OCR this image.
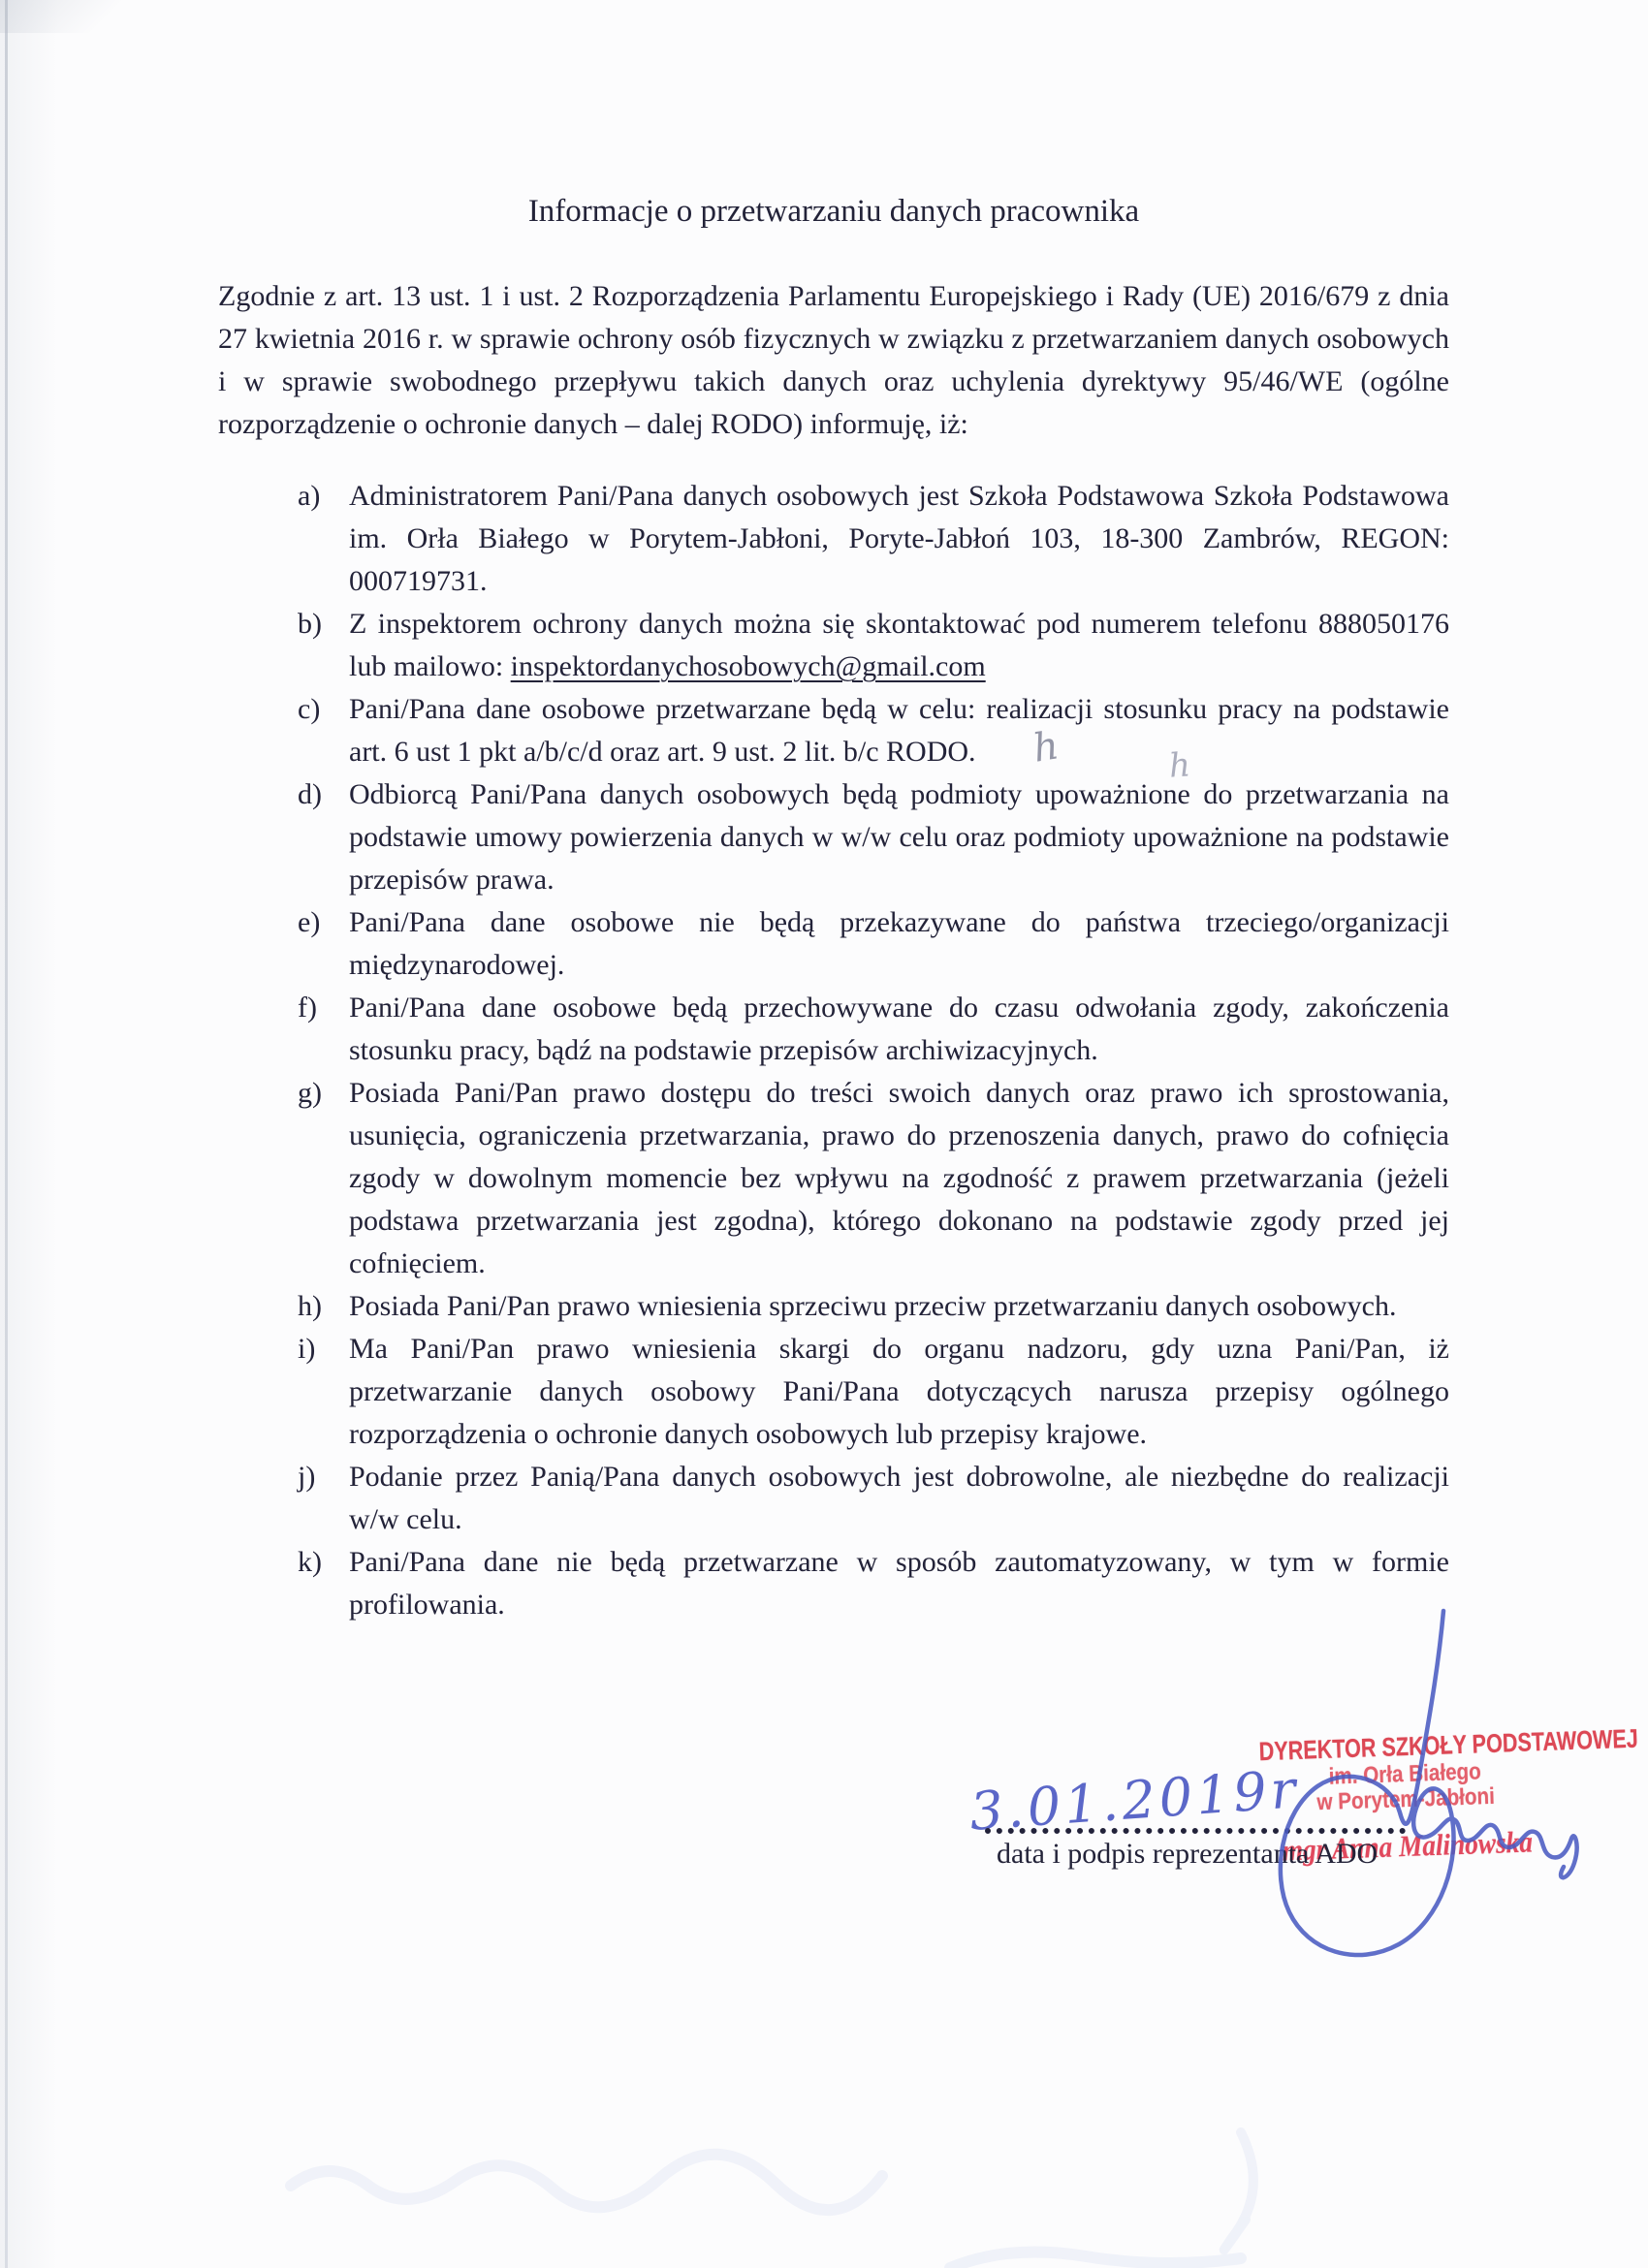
Informacje o przetwarzaniu danych pracownika

Zgodnie z art. 13 ust. 1 i ust. 2 Rozporządzenia Parlamentu Europejskiego i Rady (UE) 2016/679 z dnia 27 kwietnia 2016 r. w sprawie ochrony osób fizycznych w związku z przetwarzaniem danych osobowych i w sprawie swobodnego przepływu takich danych oraz uchylenia dyrektywy 95/46/WE (ogólne rozporządzenie o ochronie danych – dalej RODO) informuję, iż:

a) Administratorem Pani/Pana danych osobowych jest Szkoła Podstawowa Szkoła Podstawowa im. Orła Białego w Porytem-Jabłoni, Poryte-Jabłoń 103, 18-300 Zambrów, REGON: 000719731.
b) Z inspektorem ochrony danych można się skontaktować pod numerem telefonu 888050176 lub mailowo: inspektordanychosobowych@gmail.com
c) Pani/Pana dane osobowe przetwarzane będą w celu: realizacji stosunku pracy na podstawie art. 6 ust 1 pkt a/b/c/d oraz art. 9 ust. 2 lit. b/c RODO.
d) Odbiorcą Pani/Pana danych osobowych będą podmioty upoważnione do przetwarzania na podstawie umowy powierzenia danych w w/w celu oraz podmioty upoważnione na podstawie przepisów prawa.
e) Pani/Pana dane osobowe nie będą przekazywane do państwa trzeciego/organizacji międzynarodowej.
f)	Pani/Pana dane osobowe będą przechowywane do czasu odwołania zgody, zakończenia stosunku pracy, bądź na podstawie przepisów archiwizacyjnych.
g) Posiada Pani/Pan prawo dostępu do treści swoich danych oraz prawo ich sprostowania, usunięcia, ograniczenia przetwarzania, prawo do przenoszenia danych, prawo do cofnięcia zgody w dowolnym momencie bez wpływu na zgodność z prawem przetwarzania (jeżeli podstawa przetwarzania jest zgodna), którego dokonano na podstawie zgody przed jej cofnięciem.
h) Posiada Pani/Pan prawo wniesienia sprzeciwu przeciw przetwarzaniu danych osobowych.
i)	Ma Pani/Pan prawo wniesienia skargi do organu nadzoru, gdy uzna Pani/Pan, iż przetwarzanie danych osobowy Pani/Pana dotyczących narusza przepisy ogólnego rozporządzenia o ochronie danych osobowych lub przepisy krajowe.
j)	Podanie przez Panią/Pana danych osobowych jest dobrowolne, ale niezbędne do realizacji w/w celu.
k) Pani/Pana dane nie będą przetwarzane w sposób zautomatyzowany, w tym w formie profilowania.
h	h
3.01.2019r
data i podpis reprezentanta ADO
DYREKTOR SZKOŁY PODSTAWOWEJ
im. Orła Białego
w Porytem-Jabłoni
mgr Anna Malinowska
